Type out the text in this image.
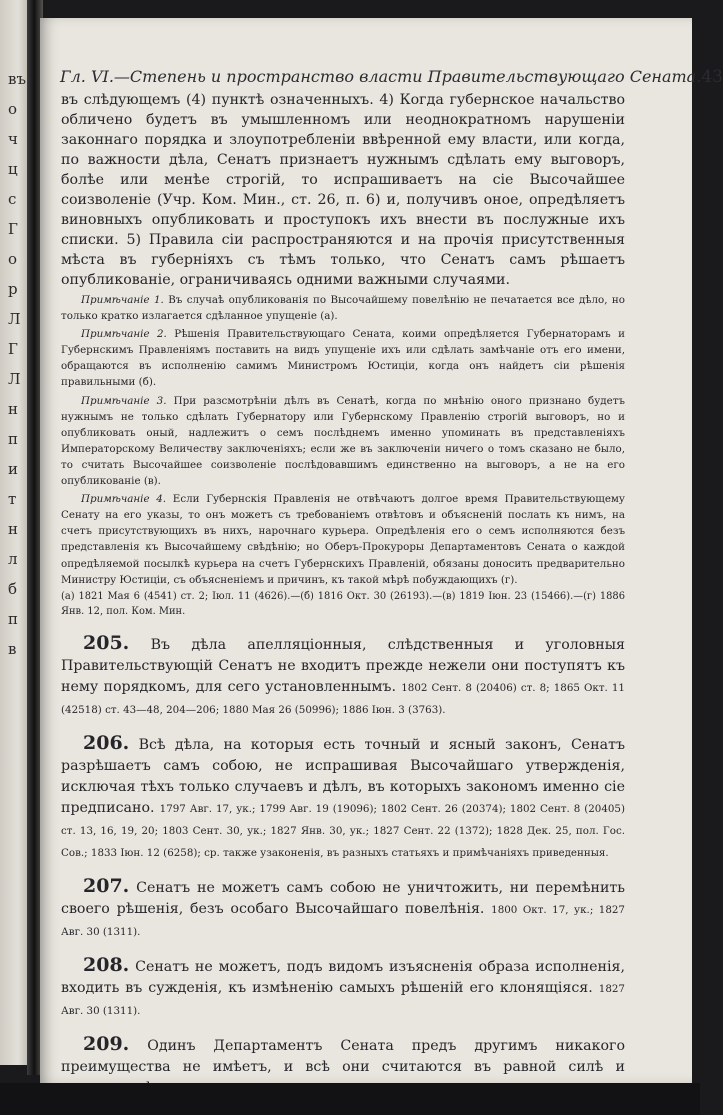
въ
о
ч
ц
с
Г
о
р
Л
Г
Л
н
п
и
т
н
л
б
п
в
Гл. VI.—Степень и пространство власти Правительствующаго Сената. 43

въ слѣдующемъ (4) пунктѣ означенныхъ. 4) Когда губернское начальство обличено будетъ въ умышленномъ или неоднократномъ нарушеніи законнаго порядка и злоупотребленіи ввѣренной ему власти, или когда, по важности дѣла, Сенатъ признаетъ нужнымъ сдѣлать ему выговоръ, болѣе или менѣе строгій, то испрашиваетъ на сіе Высочайшее соизволеніе (Учр. Ком. Мин., ст. 26, п. 6) и, получивъ оное, опредѣляетъ виновныхъ опубликовать и проступокъ ихъ внести въ послужные ихъ списки. 5) Правила сіи распространяются и на прочія присутственныя мѣста въ губерніяхъ съ тѣмъ только, что Сенатъ самъ рѣшаетъ опубликованіе, ограничиваясь одними важными случаями.

Примѣчаніе 1. Въ случаѣ опубликованія по Высочайшему повелѣнію не печатается все дѣло, но только кратко излагается сдѣланное упущеніе (а).

Примѣчаніе 2. Рѣшенія Правительствующаго Сената, коими опредѣляется Губернаторамъ и Губернскимъ Правленіямъ поставить на видъ упущеніе ихъ или сдѣлать замѣчаніе отъ его имени, обращаются въ исполненію самимъ Министромъ Юстиціи, когда онъ найдетъ сіи рѣшенія правильными (б).

Примѣчаніе 3. При разсмотрѣніи дѣлъ въ Сенатѣ, когда по мнѣнію оного признано будетъ нужнымъ не только сдѣлать Губернатору или Губернскому Правленію строгій выговоръ, но и опубликовать оный, надлежитъ о семъ послѣднемъ именно упоминать въ представленіяхъ Императорскому Величеству заключеніяхъ; если же въ заключеніи ничего о томъ сказано не было, то считать Высочайшее соизволеніе послѣдовавшимъ единственно на выговоръ, а не на его опубликованіе (в).

Примѣчаніе 4. Если Губернскія Правленія не отвѣчаютъ долгое время Правительствующему Сенату на его указы, то онъ можетъ съ требованіемъ отвѣтовъ и объясненій послать къ нимъ, на счетъ присутствующихъ въ нихъ, нарочнаго курьера. Опредѣленія его о семъ исполняются безъ представленія къ Высочайшему свѣдѣнію; но Оберъ-Прокуроры Департаментовъ Сената о каждой опредѣляемой посылкѣ курьера на счетъ Губернскихъ Правленій, обязаны доносить предварительно Министру Юстиціи, съ объясненіемъ и причинъ, къ такой мѣрѣ побуждающихъ (г).

(а) 1821 Мая 6 (4541) ст. 2; Іюл. 11 (4626).—(б) 1816 Окт. 30 (26193).—(в) 1819 Іюн. 23 (15466).—(г) 1886 Янв. 12, пол. Ком. Мин.

205. Въ дѣла апелляціонныя, слѣдственныя и уголовныя Правительствующій Сенатъ не входитъ прежде нежели они поступятъ къ нему порядкомъ, для сего установленнымъ. 1802 Сент. 8 (20406) ст. 8; 1865 Окт. 11 (42518) ст. 43—48, 204—206; 1880 Мая 26 (50996); 1886 Іюн. 3 (3763).

206. Всѣ дѣла, на которыя есть точный и ясный законъ, Сенатъ разрѣшаетъ самъ собою, не испрашивая Высочайшаго утвержденія, исключая тѣхъ только случаевъ и дѣлъ, въ которыхъ закономъ именно сіе предписано. 1797 Авг. 17, ук.; 1799 Авг. 19 (19096); 1802 Сент. 26 (20374); 1802 Сент. 8 (20405) ст. 13, 16, 19, 20; 1803 Сент. 30, ук.; 1827 Янв. 30, ук.; 1827 Сент. 22 (1372); 1828 Дек. 25, пол. Гос. Сов.; 1833 Іюн. 12 (6258); ср. также узаконенія, въ разныхъ статьяхъ и примѣчаніяхъ приведенныя.

207. Сенатъ не можетъ самъ собою не уничтожить, ни перемѣнить своего рѣшенія, безъ особаго Высочайшаго повелѣнія. 1800 Окт. 17, ук.; 1827 Авг. 30 (1311).

208. Сенатъ не можетъ, подъ видомъ изъясненія образа исполненія, входить въ сужденія, къ измѣненію самыхъ рѣшеній его клонящіяся. 1827 Авг. 30 (1311).

209. Одинъ Департаментъ Сената предъ другимъ никакого преимущества не имѣетъ, и всѣ они считаются въ равной силѣ и
